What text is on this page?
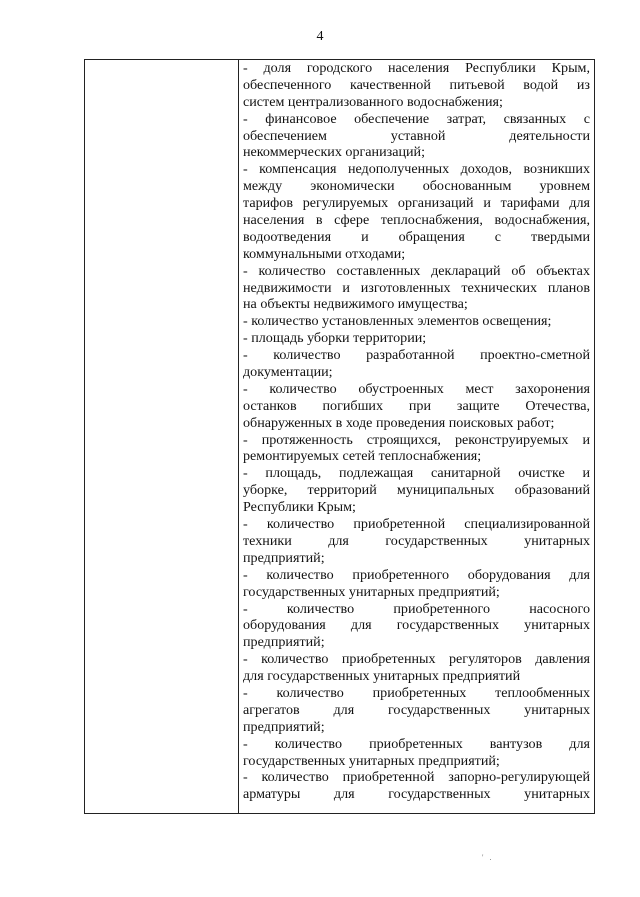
4
- доля городского населения Республики Крым,
обеспеченного качественной питьевой водой из
систем централизованного водоснабжения;
- финансовое обеспечение затрат, связанных с
обеспечением уставной деятельности
некоммерческих организаций;
- компенсация недополученных доходов, возникших
между экономически обоснованным уровнем
тарифов регулируемых организаций и тарифами для
населения в сфере теплоснабжения, водоснабжения,
водоотведения и обращения с твердыми
коммунальными отходами;
- количество составленных деклараций об объектах
недвижимости и изготовленных технических планов
на объекты недвижимого имущества;
- количество установленных элементов освещения;
- площадь уборки территории;
- количество разработанной проектно-сметной
документации;
- количество обустроенных мест захоронения
останков погибших при защите Отечества,
обнаруженных в ходе проведения поисковых работ;
- протяженность строящихся, реконструируемых и
ремонтируемых сетей теплоснабжения;
- площадь, подлежащая санитарной очистке и
уборке, территорий муниципальных образований
Республики Крым;
- количество приобретенной специализированной
техники для государственных унитарных
предприятий;
- количество приобретенного оборудования для
государственных унитарных предприятий;
- количество приобретенного насосного
оборудования для государственных унитарных
предприятий;
- количество приобретенных регуляторов давления
для государственных унитарных предприятий
- количество приобретенных теплообменных
агрегатов для государственных унитарных
предприятий;
- количество приобретенных вантузов для
государственных унитарных предприятий;
- количество приобретенной запорно-регулирующей
арматуры для государственных унитарных
' .
